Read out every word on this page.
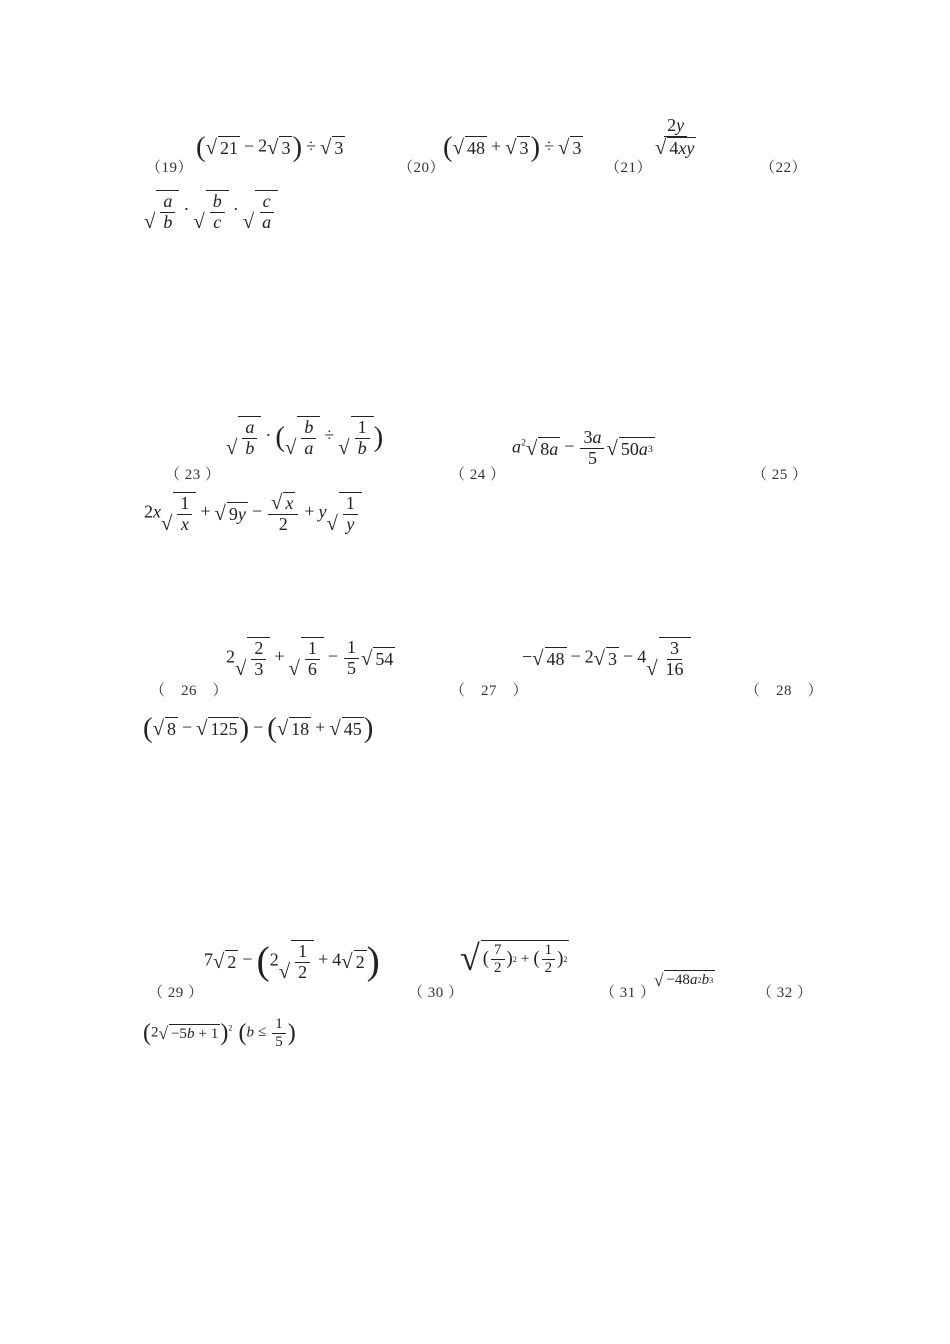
（19）	（20）	（21）	（22）
（ 23 ）	（ 24 ）	（ 25 ）
（　26　）	（　27　）	（　28　）
（ 29 ）	（ 30 ）	（ 31 ）	（ 32 ）
( √ 21 − 2 √ 3 ) ÷ √ 3	( √ 48 + √ 3 ) ÷ √ 3	$\frac{2y}{√ 4 xy}$
√
a
b
·
√
b
c
·
√
c
a
√
a
b
· ( √
b
a
÷
√
1
b )	$a^2$ √ 8 $a - \frac{3a}{5}$ √ 50 a 3
2x
√
1
x
+ √ 9 $y - \frac{√ x}{2} + y$
√
1
y
2
√
2
3
+
√
1
6
− $\frac{1}{5}$ √ 54	− √ 48 − 2 √ 3 − 4
√
3
16
( √ 8 − √ 125 ) − ( √ 18 + √ 45 )
7 √ 2 − (2
√
1
2
+ 4 √ 2 ) √ ( 7
2 ) 2 + ( 1
2 ) 2
√ −48 a 2 b 3
(2 √ −5 b + 1 )$^2$ ($b \le \frac{1}{5}$ )
